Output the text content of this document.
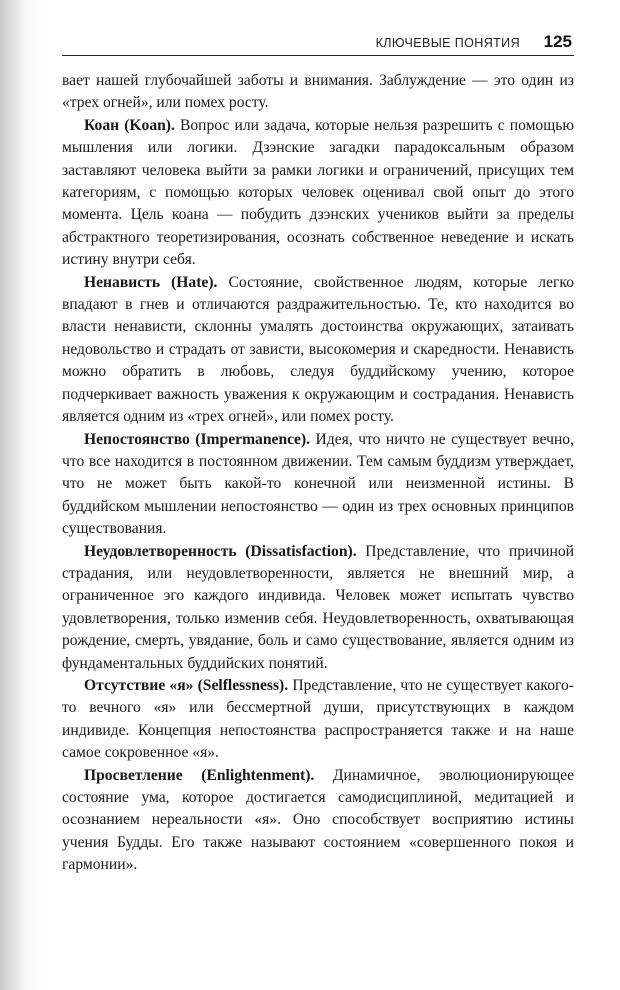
КЛЮЧЕВЫЕ ПОНЯТИЯ 125

вает нашей глубочайшей заботы и внимания. Заблуждение — это один из «трех огней», или помех росту.

Коан (Koan). Вопрос или задача, которые нельзя разрешить с помощью мышления или логики. Дзэнские загадки парадоксальным образом заставляют человека выйти за рамки логики и ограничений, присущих тем категориям, с помощью которых человек оценивал свой опыт до этого момента. Цель коана — побудить дзэнских учеников выйти за пределы абстрактного теоретизирования, осознать собственное неведение и искать истину внутри себя.

Ненависть (Hate). Состояние, свойственное людям, которые легко впадают в гнев и отличаются раздражительностью. Те, кто находится во власти ненависти, склонны умалять достоинства окружающих, затаивать недовольство и страдать от зависти, высокомерия и скаредности. Ненависть можно обратить в любовь, следуя буддийскому учению, которое подчеркивает важность уважения к окружающим и сострадания. Ненависть является одним из «трех огней», или помех росту.

Непостоянство (Impermanence). Идея, что ничто не существует вечно, что все находится в постоянном движении. Тем самым буддизм утверждает, что не может быть какой-то конечной или неизменной истины. В буддийском мышлении непостоянство — один из трех основных принципов существования.

Неудовлетворенность (Dissatisfaction). Представление, что причиной страдания, или неудовлетворенности, является не внешний мир, а ограниченное эго каждого индивида. Человек может испытать чувство удовлетворения, только изменив себя. Неудовлетворенность, охватывающая рождение, смерть, увядание, боль и само существование, является одним из фундаментальных буддийских понятий.

Отсутствие «я» (Selflessness). Представление, что не существует какого-то вечного «я» или бессмертной души, присутствующих в каждом индивиде. Концепция непостоянства распространяется также и на наше самое сокровенное «я».

Просветление (Enlightenment). Динамичное, эволюционирующее состояние ума, которое достигается самодисциплиной, медитацией и осознанием нереальности «я». Оно способствует восприятию истины учения Будды. Его также называют состоянием «совершенного покоя и гармонии».
